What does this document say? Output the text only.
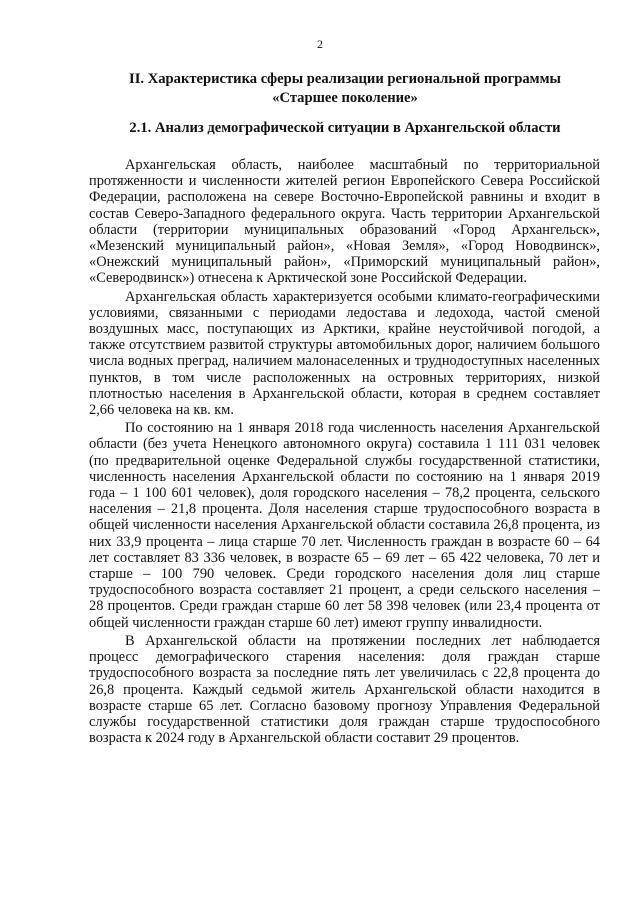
2
II. Характеристика сферы реализации региональной программы
«Старшее поколение»
2.1. Анализ демографической ситуации в Архангельской области

Архангельская область, наиболее масштабный по территориальной протяженности и численности жителей регион Европейского Севера Российской Федерации, расположена на севере Восточно-Европейской равнины и входит в состав Северо-Западного федерального округа. Часть территории Архангельской области (территории муниципальных образований «Город Архангельск», «Мезенский муниципальный район», «Новая Земля», «Город Новодвинск», «Онежский муниципальный район», «Приморский муниципальный район», «Северодвинск») отнесена к Арктической зоне Российской Федерации.

Архангельская область характеризуется особыми климато-географическими условиями, связанными с периодами ледостава и ледохода, частой сменой воздушных масс, поступающих из Арктики, крайне неустойчивой погодой, а также отсутствием развитой структуры автомобильных дорог, наличием большого числа водных преград, наличием малонаселенных и труднодоступных населенных пунктов, в том числе расположенных на островных территориях, низкой плотностью населения в Архангельской области, которая в среднем составляет 2,66 человека на кв. км.

По состоянию на 1 января 2018 года численность населения Архангельской области (без учета Ненецкого автономного округа) составила 1 111 031 человек (по предварительной оценке Федеральной службы государственной статистики, численность населения Архангельской области по состоянию на 1 января 2019 года – 1 100 601 человек), доля городского населения – 78,2 процента, сельского населения – 21,8 процента. Доля населения старше трудоспособного возраста в общей численности населения Архангельской области составила 26,8 процента, из них 33,9 процента – лица старше 70 лет. Численность граждан в возрасте 60 – 64 лет составляет 83 336 человек, в возрасте 65 – 69 лет – 65 422 человека, 70 лет и старше – 100 790 человек. Среди городского населения доля лиц старше трудоспособного возраста составляет 21 процент, а среди сельского населения – 28 процентов. Среди граждан старше 60 лет 58 398 человек (или 23,4 процента от общей численности граждан старше 60 лет) имеют группу инвалидности.

В Архангельской области на протяжении последних лет наблюдается процесс демографического старения населения: доля граждан старше трудоспособного возраста за последние пять лет увеличилась с 22,8 процента до 26,8 процента. Каждый седьмой житель Архангельской области находится в возрасте старше 65 лет. Согласно базовому прогнозу Управления Федеральной службы государственной статистики доля граждан старше трудоспособного возраста к 2024 году в Архангельской области составит 29 процентов.
